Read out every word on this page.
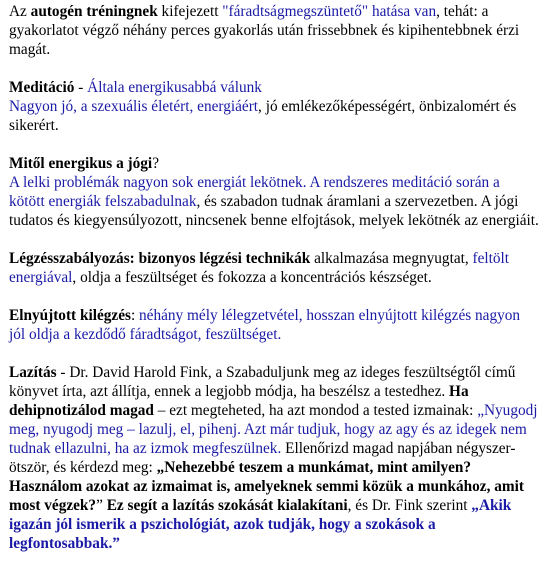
Az autogén tréningnek kifejezett "fáradtságmegszüntető" hatása van, tehát: a gyakorlatot végző néhány perces gyakorlás után frissebbnek és kipihentebbnek érzi magát.

Meditáció - Általa energikusabbá válunk
Nagyon jó, a szexuális életért, energiáért, jó emlékezőképességért, önbizalomért és sikerért.

Mitől energikus a jógi?
A lelki problémák nagyon sok energiát lekötnek. A rendszeres meditáció során a kötött energiák felszabadulnak, és szabadon tudnak áramlani a szervezetben. A jógi tudatos és kiegyensúlyozott, nincsenek benne elfojtások, melyek lekötnék az energiáit.

Légzésszabályozás: bizonyos légzési technikák alkalmazása megnyugtat, feltölt energiával, oldja a feszültséget és fokozza a koncentrációs készséget.

Elnyújtott kilégzés: néhány mély lélegzetvétel, hosszan elnyújtott kilégzés nagyon jól oldja a kezdődő fáradtságot, feszültséget.

Lazítás - Dr. David Harold Fink, a Szabaduljunk meg az ideges feszültségtől című könyvet írta, azt állítja, ennek a legjobb módja, ha beszélsz a testedhez. Ha dehipnotizálod magad – ezt megteheted, ha azt mondod a tested izmainak: „Nyugodj meg, nyugodj meg – lazulj, el, pihenj. Azt már tudjuk, hogy az agy és az idegek nem tudnak ellazulni, ha az izmok megfeszülnek. Ellenőrizd magad napjában négyszer-ötször, és kérdezd meg: „Nehezebbé teszem a munkámat, mint amilyen? Használom azokat az izmaimat is, amelyeknek semmi közük a munkához, amit most végzek?” Ez segít a lazítás szokását kialakítani, és Dr. Fink szerint „Akik igazán jól ismerik a pszichológiát, azok tudják, hogy a szokások a legfontosabbak.”
